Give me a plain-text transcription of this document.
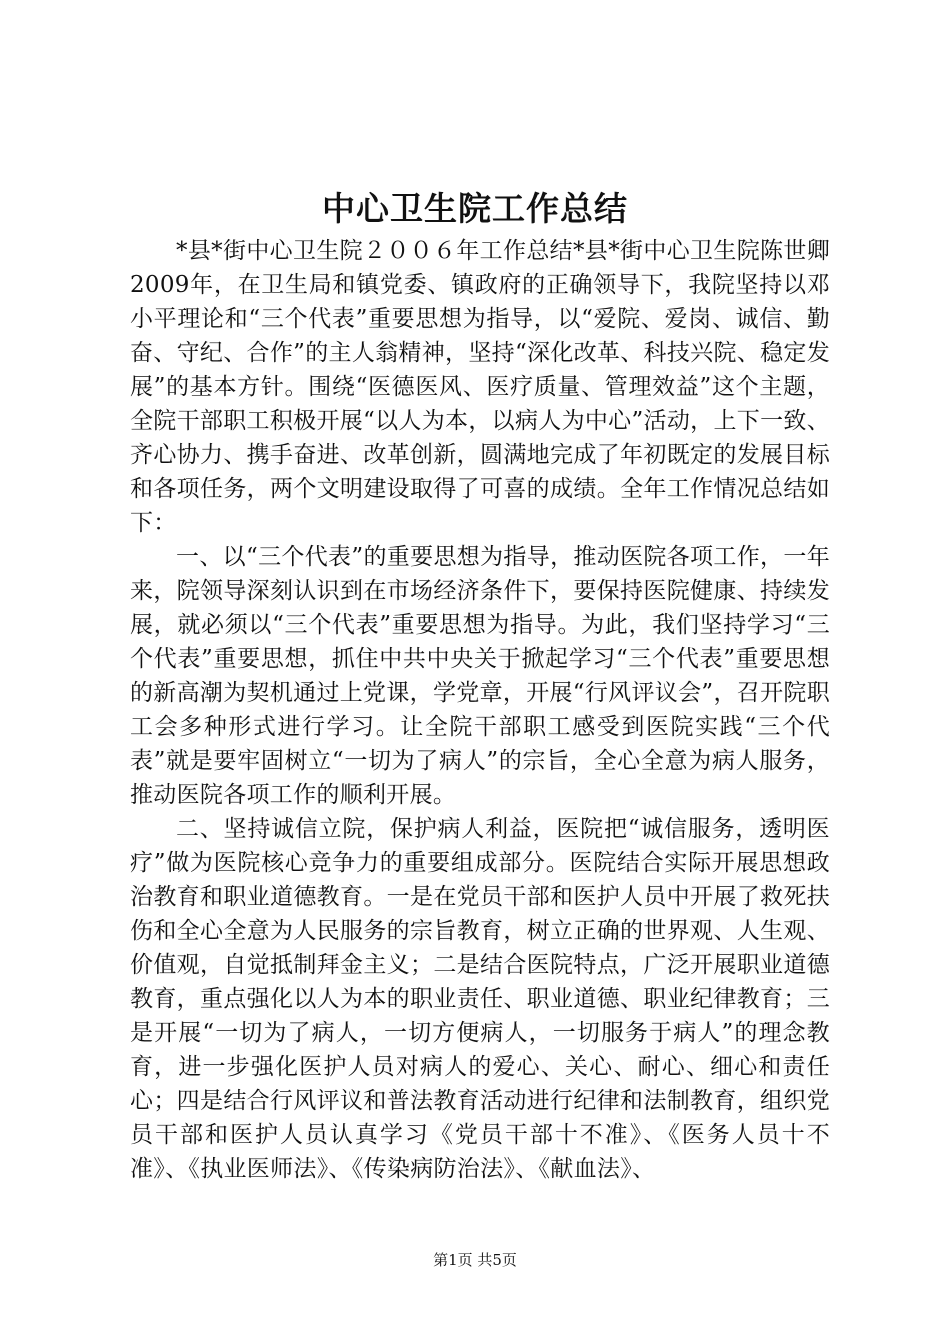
中心卫生院工作总结

*县*街中心卫生院２００６年工作总结*县*街中心卫生院陈世卿2009年，在卫生局和镇党委、镇政府的正确领导下，我院坚持以邓小平理论和“三个代表”重要思想为指导，以“爱院、爱岗、诚信、勤奋、守纪、合作”的主人翁精神，坚持“深化改革、科技兴院、稳定发展”的基本方针。围绕“医德医风、医疗质量、管理效益”这个主题，全院干部职工积极开展“以人为本，以病人为中心”活动，上下一致、齐心协力、携手奋进、改革创新，圆满地完成了年初既定的发展目标和各项任务，两个文明建设取得了可喜的成绩。全年工作情况总结如下：

一、以“三个代表”的重要思想为指导，推动医院各项工作，一年来，院领导深刻认识到在市场经济条件下，要保持医院健康、持续发展，就必须以“三个代表”重要思想为指导。为此，我们坚持学习“三个代表”重要思想，抓住中共中央关于掀起学习“三个代表”重要思想的新高潮为契机通过上党课，学党章，开展“行风评议会”，召开院职工会多种形式进行学习。让全院干部职工感受到医院实践“三个代表”就是要牢固树立“一切为了病人”的宗旨，全心全意为病人服务，推动医院各项工作的顺利开展。

二、坚持诚信立院，保护病人利益，医院把“诚信服务，透明医疗”做为医院核心竞争力的重要组成部分。医院结合实际开展思想政治教育和职业道德教育。一是在党员干部和医护人员中开展了救死扶伤和全心全意为人民服务的宗旨教育，树立正确的世界观、人生观、价值观，自觉抵制拜金主义；二是结合医院特点，广泛开展职业道德教育，重点强化以人为本的职业责任、职业道德、职业纪律教育；三是开展“一切为了病人，一切方便病人，一切服务于病人”的理念教育，进一步强化医护人员对病人的爱心、关心、耐心、细心和责任心；四是结合行风评议和普法教育活动进行纪律和法制教育，组织党员干部和医护人员认真学习《党员干部十不准》、《医务人员十不准》、《执业医师法》、《传染病防治法》、《献血法》、

第1页 共5页
